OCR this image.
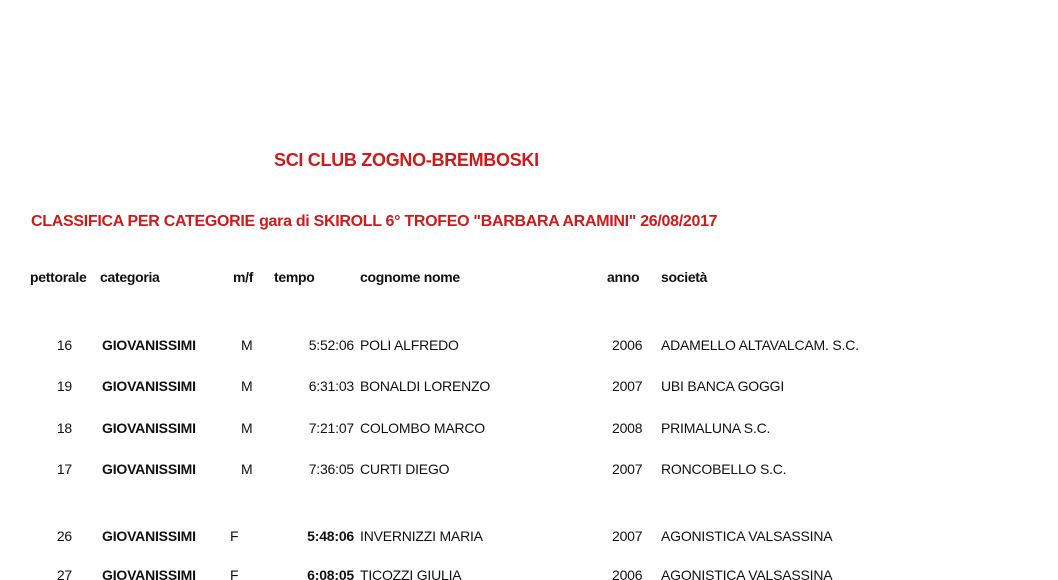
SCI CLUB ZOGNO-BREMBOSKI
CLASSIFICA PER CATEGORIE gara di SKIROLL 6° TROFEO "BARBARA ARAMINI" 26/08/2017
pettorale categoria	m/f tempo	cognome nome	anno società
16 GIOVANISSIMI	M	5:52:06 POLI ALFREDO	2006 ADAMELLO ALTAVALCAM. S.C.
19 GIOVANISSIMI	M	6:31:03 BONALDI LORENZO	2007 UBI BANCA GOGGI
18 GIOVANISSIMI	M	7:21:07 COLOMBO MARCO	2008 PRIMALUNA S.C.
17 GIOVANISSIMI	M	7:36:05 CURTI DIEGO	2007 RONCOBELLO S.C.
26 GIOVANISSIMI F	5:48:06 INVERNIZZI MARIA	2007 AGONISTICA VALSASSINA
27 GIOVANISSIMI F	6:08:05 TICOZZI GIULIA	2006 AGONISTICA VALSASSINA
